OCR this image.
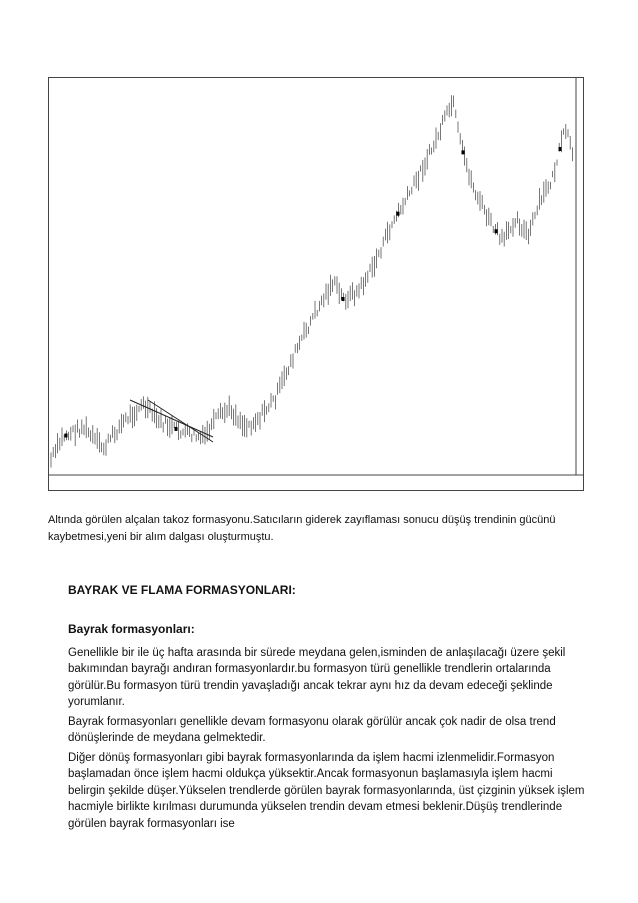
Altında görülen alçalan takoz formasyonu.Satıcıların giderek zayıflaması sonucu düşüş trendinin gücünü kaybetmesi,yeni bir alım dalgası oluşturmuştu.
BAYRAK VE FLAMA FORMASYONLARI:
Bayrak formasyonları:
Genellikle bir ile üç hafta arasında bir sürede meydana gelen,isminden de anlaşılacağı üzere şekil bakımından bayrağı andıran formasyonlardır.bu formasyon türü genellikle trendlerin ortalarında görülür.Bu formasyon türü trendin yavaşladığı ancak tekrar aynı hız da devam edeceği şeklinde yorumlanır.
Bayrak formasyonları genellikle devam formasyonu olarak görülür ancak çok nadir de olsa trend dönüşlerinde de meydana gelmektedir.
Diğer dönüş formasyonları gibi bayrak formasyonlarında da işlem hacmi izlenmelidir.Formasyon başlamadan önce işlem hacmi oldukça yüksektir.Ancak formasyonun başlamasıyla işlem hacmi belirgin şekilde düşer.Yükselen trendlerde görülen bayrak formasyonlarında, üst çizginin yüksek işlem hacmiyle birlikte kırılması durumunda yükselen trendin devam etmesi beklenir.Düşüş trendlerinde görülen bayrak formasyonları ise
